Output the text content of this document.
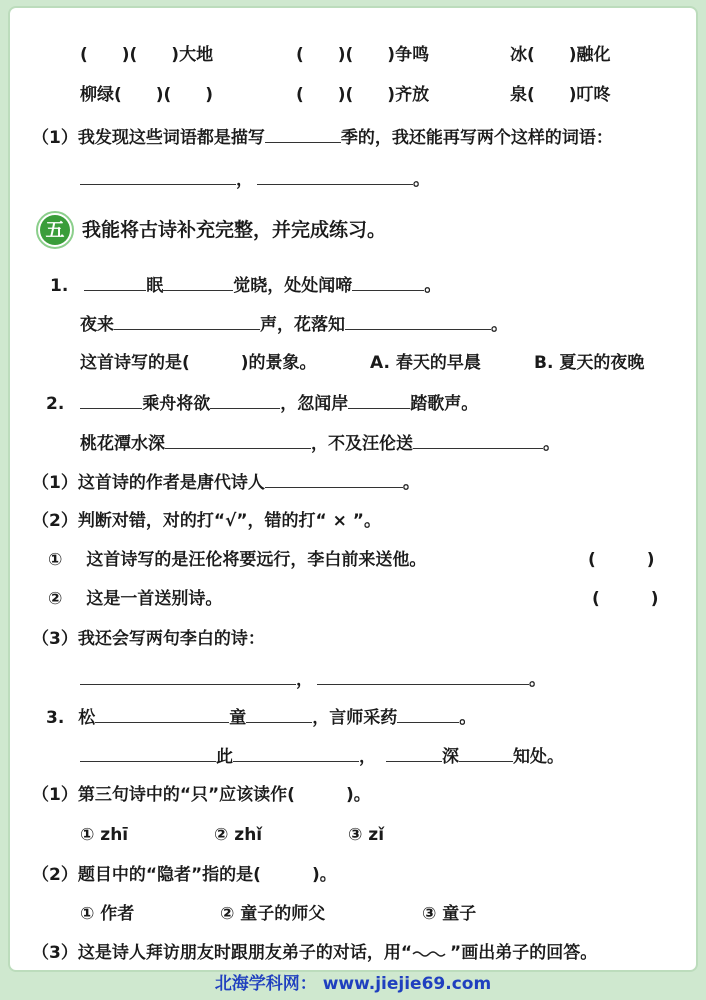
(　　)(　　)大地	(　　)(　　)争鸣	冰(　　)融化
柳绿(　　)(　　)	(　　)(　　)齐放	泉(　　)叮咚
（1）我发现这些词语都是描写	季的，我还能再写两个这样的词语：
，	。
五 我能将古诗补充完整，并完成练习。
1.	眠	觉晓，处处闻啼	。
夜来	声，花落知	。
这首诗写的是(　　　)的景象。	A. 春天的早晨	B. 夏天的夜晚
2.	乘舟将欲	，忽闻岸	踏歌声。
桃花潭水深	，不及汪伦送	。
（1）这首诗的作者是唐代诗人	。
（2）判断对错，对的打“√”，错的打“ × ”。
① 这首诗写的是汪伦将要远行，李白前来送他。	(　　　)
② 这是一首送别诗。	(　　　)
（3）我还会写两句李白的诗：
，	。
3. 松	童	，言师采药	。
此	，	深	知处。
（1）第三句诗中的“只”应该读作(　　　)。
① zhī	② zhǐ	③ zǐ
（2）题目中的“隐者”指的是(　　　)。
① 作者	② 童子的师父	③ 童子
（3）这是诗人拜访朋友时跟朋友弟子的对话，用“ ”画出弟子的回答。
北海学科网： www.jiejie69.com
